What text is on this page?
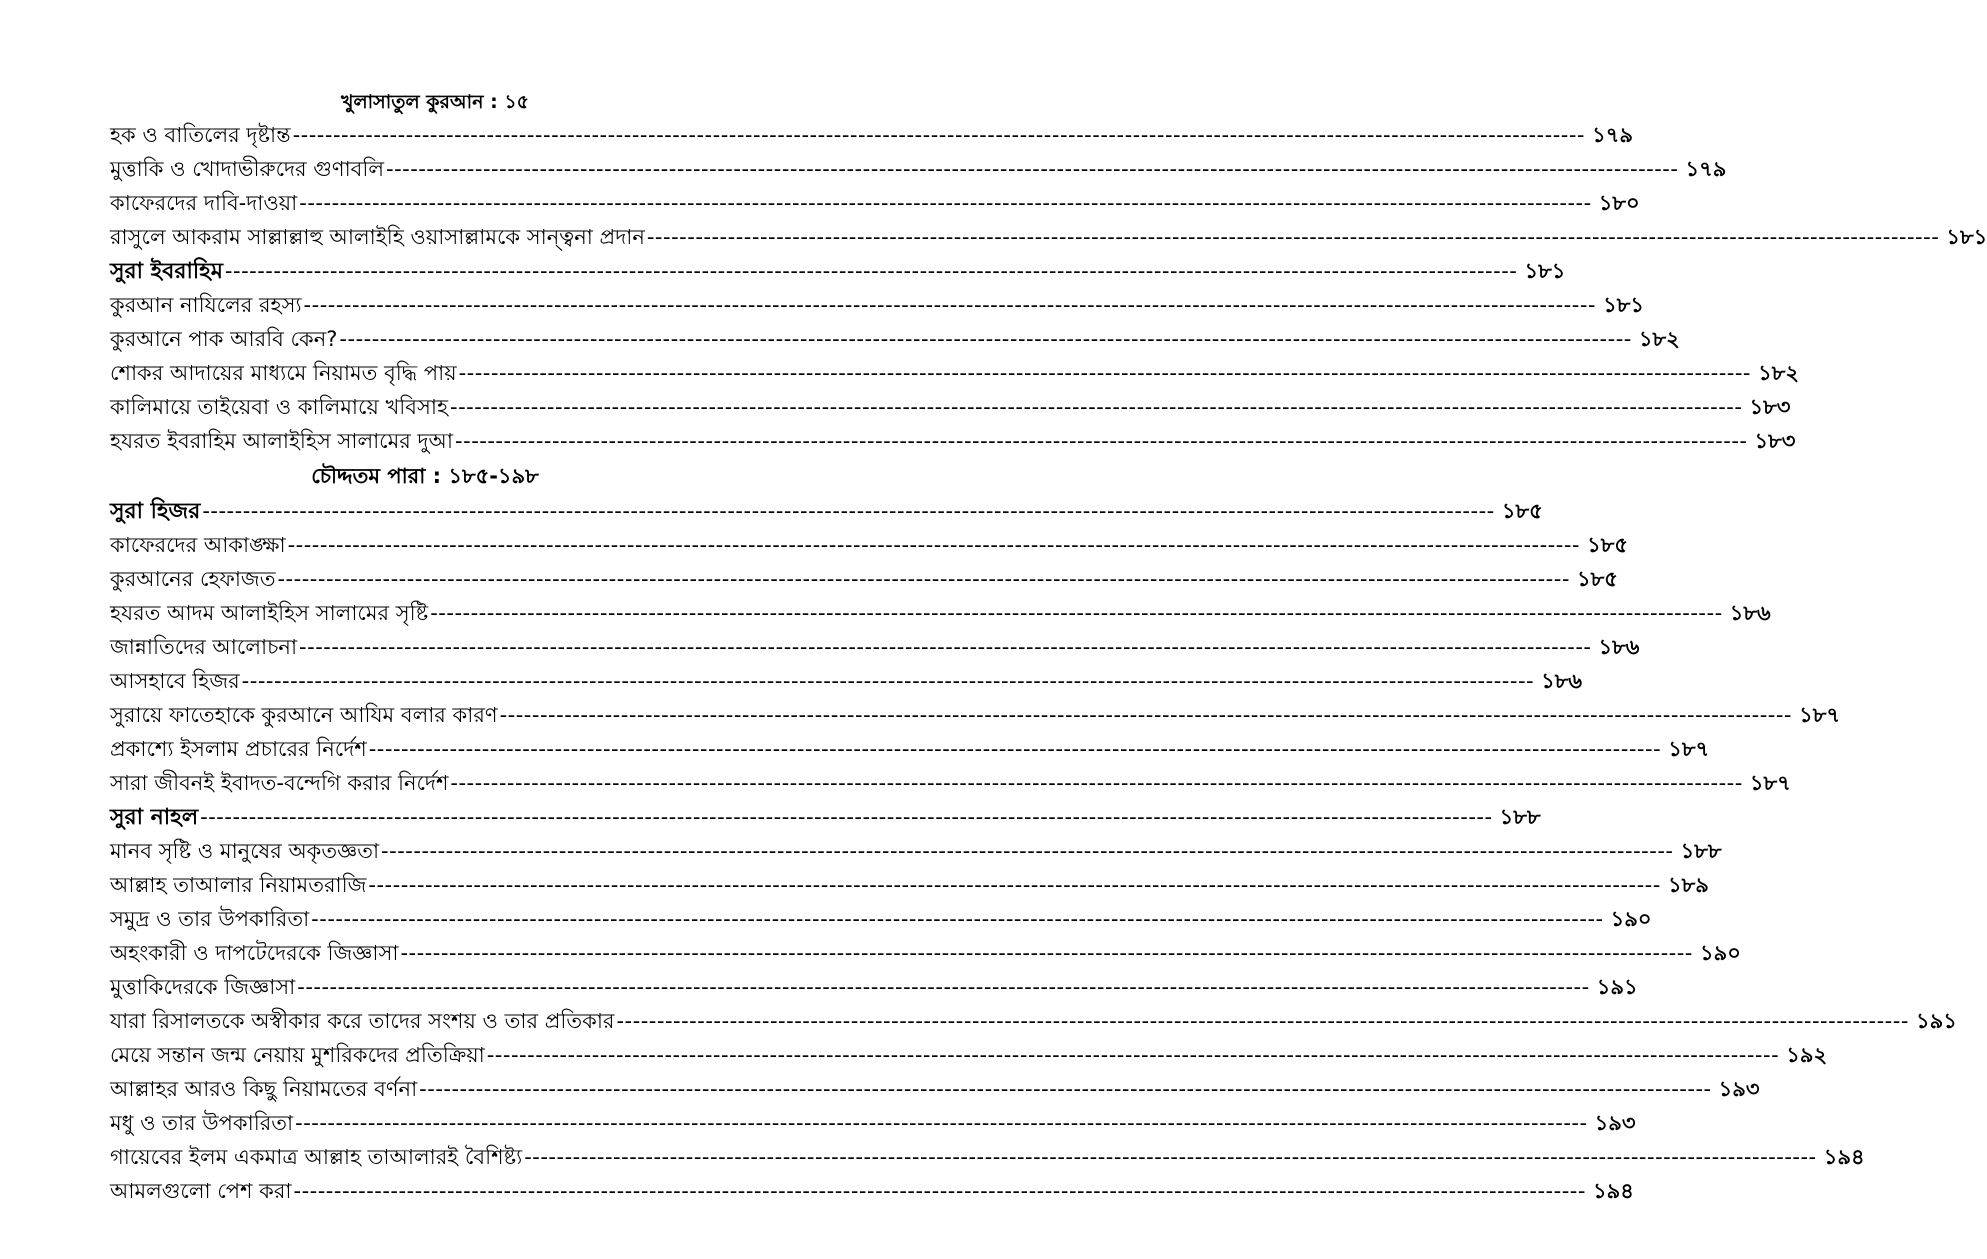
খুলাসাতুল কুরআন : ১৫
হক ও বাতিলের দৃষ্টান্ত ---------------------------------------------------------------------------------------------------------------------------------------------------------------- ১৭৯
মুত্তাকি ও খোদাভীরুদের গুণাবলি ---------------------------------------------------------------------------------------------------------------------------------------------------------------- ১৭৯
কাফেরদের দাবি-দাওয়া ---------------------------------------------------------------------------------------------------------------------------------------------------------------- ১৮০
রাসুলে আকরাম সাল্লাল্লাহু আলাইহি ওয়াসাল্লামকে সান্ত্বনা প্রদান ---------------------------------------------------------------------------------------------------------------------------------------------------------------- ১৮১
সুরা ইবরাহিম ---------------------------------------------------------------------------------------------------------------------------------------------------------------- ১৮১
কুরআন নাযিলের রহস্য ---------------------------------------------------------------------------------------------------------------------------------------------------------------- ১৮১
কুরআনে পাক আরবি কেন? ---------------------------------------------------------------------------------------------------------------------------------------------------------------- ১৮২
শোকর আদায়ের মাধ্যমে নিয়ামত বৃদ্ধি পায় ---------------------------------------------------------------------------------------------------------------------------------------------------------------- ১৮২
কালিমায়ে তাইয়েবা ও কালিমায়ে খবিসাহ ---------------------------------------------------------------------------------------------------------------------------------------------------------------- ১৮৩
হযরত ইবরাহিম আলাইহিস সালামের দুআ ---------------------------------------------------------------------------------------------------------------------------------------------------------------- ১৮৩
চৌদ্দতম পারা : ১৮৫-১৯৮
সুরা হিজর ---------------------------------------------------------------------------------------------------------------------------------------------------------------- ১৮৫
কাফেরদের আকাঙ্ক্ষা ---------------------------------------------------------------------------------------------------------------------------------------------------------------- ১৮৫
কুরআনের হেফাজত ---------------------------------------------------------------------------------------------------------------------------------------------------------------- ১৮৫
হযরত আদম আলাইহিস সালামের সৃষ্টি ---------------------------------------------------------------------------------------------------------------------------------------------------------------- ১৮৬
জান্নাতিদের আলোচনা ---------------------------------------------------------------------------------------------------------------------------------------------------------------- ১৮৬
আসহাবে হিজর ---------------------------------------------------------------------------------------------------------------------------------------------------------------- ১৮৬
সুরায়ে ফাতেহাকে কুরআনে আযিম বলার কারণ ---------------------------------------------------------------------------------------------------------------------------------------------------------------- ১৮৭
প্রকাশ্যে ইসলাম প্রচারের নির্দেশ ---------------------------------------------------------------------------------------------------------------------------------------------------------------- ১৮৭
সারা জীবনই ইবাদত-বন্দেগি করার নির্দেশ ---------------------------------------------------------------------------------------------------------------------------------------------------------------- ১৮৭
সুরা নাহল ---------------------------------------------------------------------------------------------------------------------------------------------------------------- ১৮৮
মানব সৃষ্টি ও মানুষের অকৃতজ্ঞতা ---------------------------------------------------------------------------------------------------------------------------------------------------------------- ১৮৮
আল্লাহ তাআলার নিয়ামতরাজি ---------------------------------------------------------------------------------------------------------------------------------------------------------------- ১৮৯
সমুদ্র ও তার উপকারিতা ---------------------------------------------------------------------------------------------------------------------------------------------------------------- ১৯০
অহংকারী ও দাপটেদেরকে জিজ্ঞাসা ---------------------------------------------------------------------------------------------------------------------------------------------------------------- ১৯০
মুত্তাকিদেরকে জিজ্ঞাসা ---------------------------------------------------------------------------------------------------------------------------------------------------------------- ১৯১
যারা রিসালতকে অস্বীকার করে তাদের সংশয় ও তার প্রতিকার ---------------------------------------------------------------------------------------------------------------------------------------------------------------- ১৯১
মেয়ে সন্তান জন্ম নেয়ায় মুশরিকদের প্রতিক্রিয়া ---------------------------------------------------------------------------------------------------------------------------------------------------------------- ১৯২
আল্লাহর আরও কিছু নিয়ামতের বর্ণনা ---------------------------------------------------------------------------------------------------------------------------------------------------------------- ১৯৩
মধু ও তার উপকারিতা ---------------------------------------------------------------------------------------------------------------------------------------------------------------- ১৯৩
গায়েবের ইলম একমাত্র আল্লাহ তাআলারই বৈশিষ্ট্য ---------------------------------------------------------------------------------------------------------------------------------------------------------------- ১৯৪
আমলগুলো পেশ করা ---------------------------------------------------------------------------------------------------------------------------------------------------------------- ১৯৪
